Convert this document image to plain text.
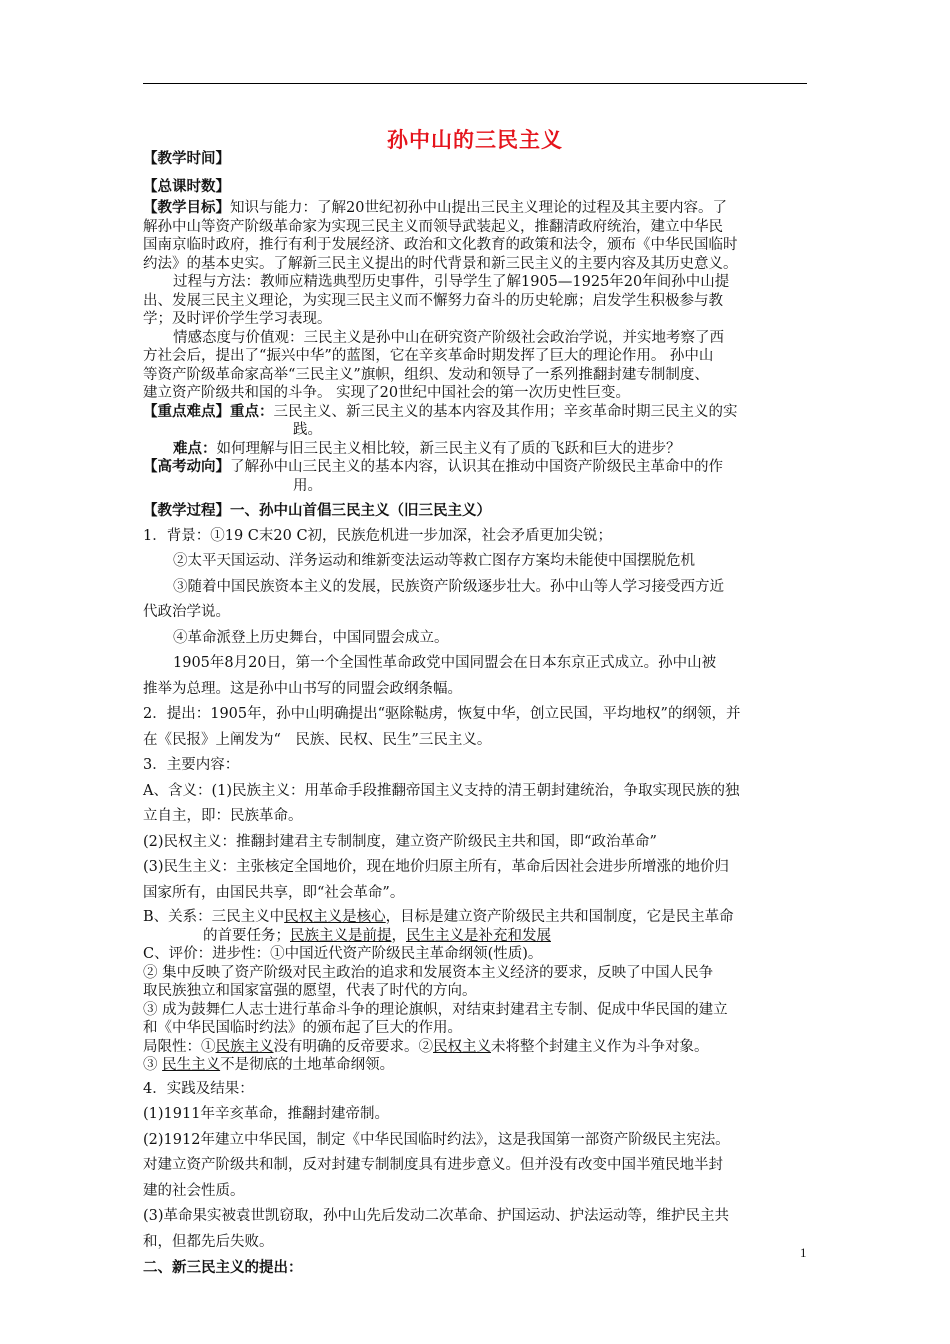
孙中山的三民主义
【教学时间】
【总课时数】
【教学目标】知识与能力：了解20世纪初孙中山提出三民主义理论的过程及其主要内容。了
解孙中山等资产阶级革命家为实现三民主义而领导武装起义，推翻清政府统治，建立中华民
国南京临时政府，推行有利于发展经济、政治和文化教育的政策和法令，颁布《中华民国临时
约法》的基本史实。了解新三民主义提出的时代背景和新三民主义的主要内容及其历史意义。
过程与方法：教师应精选典型历史事件，引导学生了解1905—1925年20年间孙中山提
出、发展三民主义理论，为实现三民主义而不懈努力奋斗的历史轮廓；启发学生积极参与教
学；及时评价学生学习表现。
情感态度与价值观：三民主义是孙中山在研究资产阶级社会政治学说，并实地考察了西
方社会后，提出了“振兴中华”的蓝图，它在辛亥革命时期发挥了巨大的理论作用。 孙中山
等资产阶级革命家高举“三民主义”旗帜，组织、发动和领导了一系列推翻封建专制制度、
建立资产阶级共和国的斗争。 实现了20世纪中国社会的第一次历史性巨变。
【重点难点】重点：三民主义、新三民主义的基本内容及其作用；辛亥革命时期三民主义的实
践。
难点：如何理解与旧三民主义相比较，新三民主义有了质的飞跃和巨大的进步？
【高考动向】了解孙中山三民主义的基本内容，认识其在推动中国资产阶级民主革命中的作
用。
【教学过程】一、孙中山首倡三民主义（旧三民主义）
1．背景：①19 C末20 C初，民族危机进一步加深，社会矛盾更加尖锐；
②太平天国运动、洋务运动和维新变法运动等救亡图存方案均未能使中国摆脱危机
③随着中国民族资本主义的发展，民族资产阶级逐步壮大。孙中山等人学习接受西方近
代政治学说。
④革命派登上历史舞台，中国同盟会成立。
1905年8月20日，第一个全国性革命政党中国同盟会在日本东京正式成立。孙中山被
推举为总理。这是孙中山书写的同盟会政纲条幅。
2．提出：1905年，孙中山明确提出“驱除鞑虏，恢复中华，创立民国，平均地权”的纲领，并
在《民报》上阐发为“　民族、民权、民生”三民主义。
3．主要内容：
A、含义：(1)民族主义：用革命手段推翻帝国主义支持的清王朝封建统治，争取实现民族的独
立自主，即：民族革命。
(2)民权主义：推翻封建君主专制制度，建立资产阶级民主共和国，即“政治革命”
(3)民生主义：主张核定全国地价，现在地价归原主所有，革命后因社会进步所增涨的地价归
国家所有，由国民共享，即“社会革命”。
B、关系：三民主义中民权主义是核心，目标是建立资产阶级民主共和国制度，它是民主革命
的首要任务；民族主义是前提，民生主义是补充和发展
C、评价：进步性：①中国近代资产阶级民主革命纲领(性质)。
② 集中反映了资产阶级对民主政治的追求和发展资本主义经济的要求，反映了中国人民争
取民族独立和国家富强的愿望，代表了时代的方向。
③ 成为鼓舞仁人志士进行革命斗争的理论旗帜，对结束封建君主专制、促成中华民国的建立
和《中华民国临时约法》的颁布起了巨大的作用。
局限性：①民族主义没有明确的反帝要求。②民权主义未将整个封建主义作为斗争对象。
③ 民生主义不是彻底的土地革命纲领。
4．实践及结果：
(1)1911年辛亥革命，推翻封建帝制。
(2)1912年建立中华民国，制定《中华民国临时约法》，这是我国第一部资产阶级民主宪法。
对建立资产阶级共和制，反对封建专制制度具有进步意义。但并没有改变中国半殖民地半封
建的社会性质。
(3)革命果实被袁世凯窃取，孙中山先后发动二次革命、护国运动、护法运动等，维护民主共
和，但都先后失败。
二、新三民主义的提出：
1
